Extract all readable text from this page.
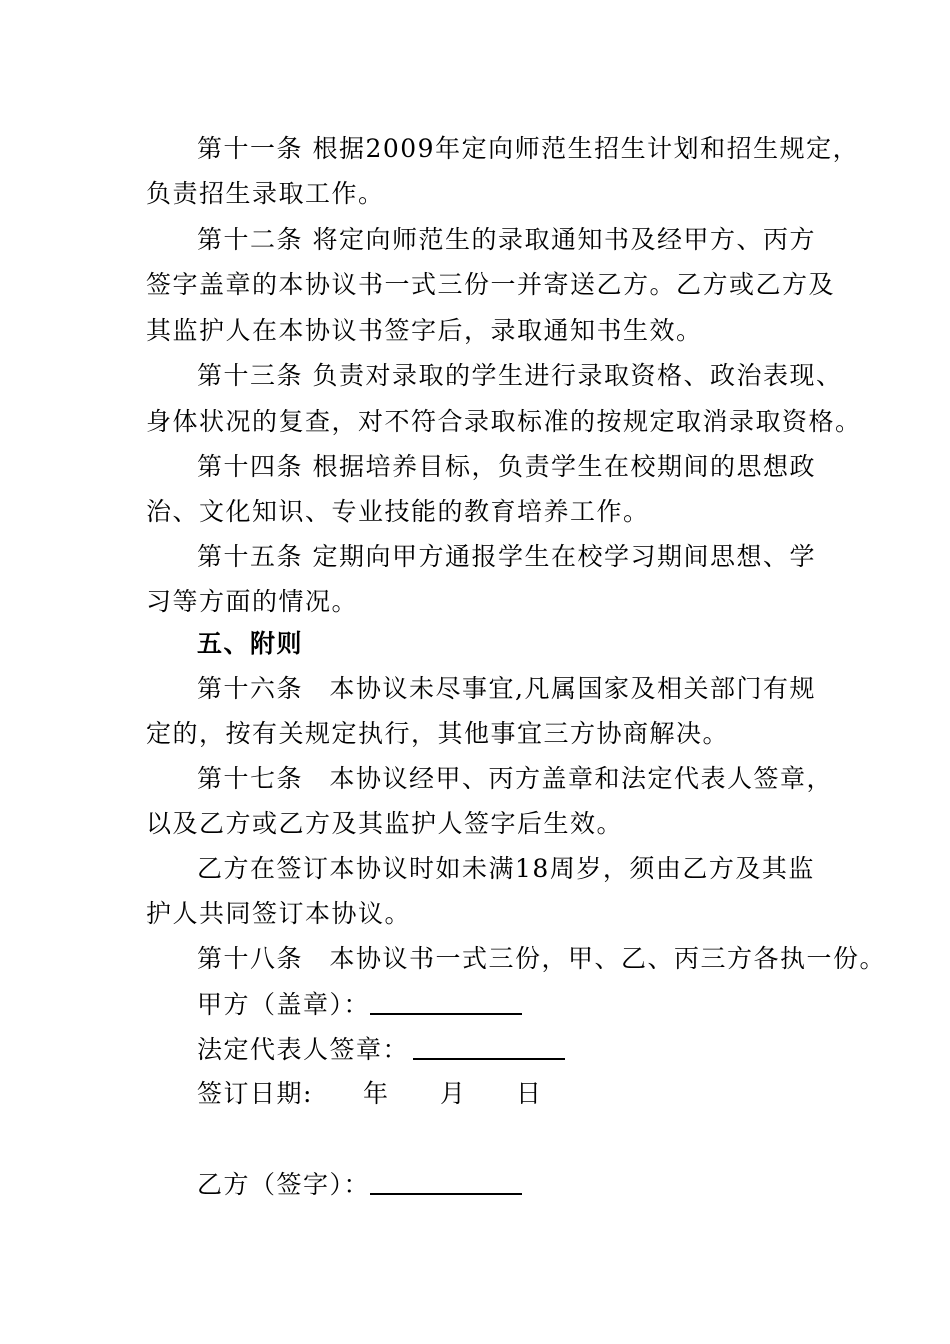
第十一条 根据2009年定向师范生招生计划和招生规定，
负责招生录取工作。
第十二条 将定向师范生的录取通知书及经甲方、丙方
签字盖章的本协议书一式三份一并寄送乙方。乙方或乙方及
其监护人在本协议书签字后，录取通知书生效。
第十三条 负责对录取的学生进行录取资格、政治表现、
身体状况的复查，对不符合录取标准的按规定取消录取资格。
第十四条 根据培养目标，负责学生在校期间的思想政
治、文化知识、专业技能的教育培养工作。
第十五条 定期向甲方通报学生在校学习期间思想、学
习等方面的情况。
五、附则
第十六条　本协议未尽事宜,凡属国家及相关部门有规
定的，按有关规定执行，其他事宜三方协商解决。
第十七条　本协议经甲、丙方盖章和法定代表人签章，
以及乙方或乙方及其监护人签字后生效。
乙方在签订本协议时如未满18周岁，须由乙方及其监
护人共同签订本协议。
第十八条　本协议书一式三份，甲、乙、丙三方各执一份。
甲方（盖章）：
法定代表人签章：
签订日期: 年 月 日
乙方（签字）：
